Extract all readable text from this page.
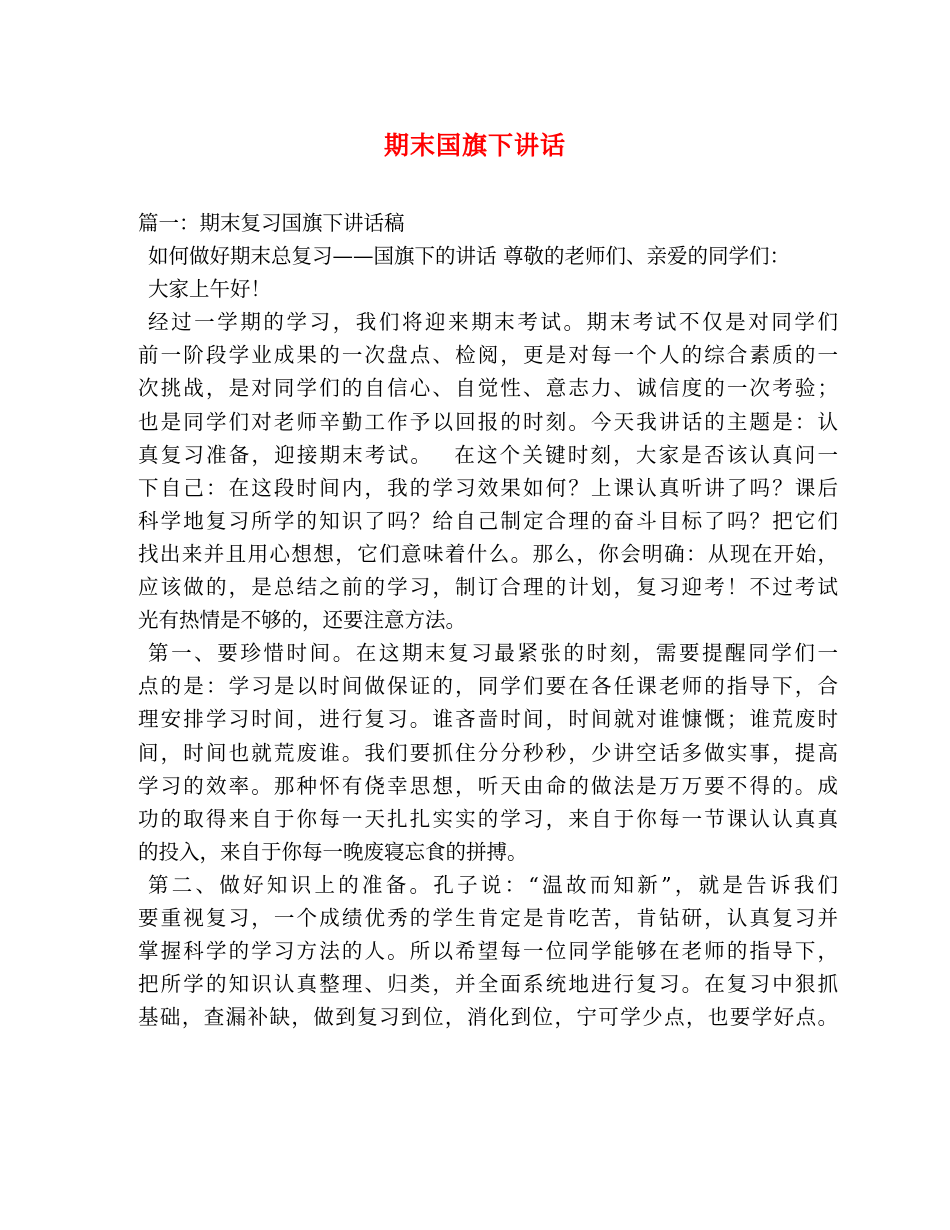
期末国旗下讲话
篇一：期末复习国旗下讲话稿
如何做好期末总复习——国旗下的讲话 尊敬的老师们、亲爱的同学们：
大家上午好！
经过一学期的学习，我们将迎来期末考试。期末考试不仅是对同学们
前一阶段学业成果的一次盘点、检阅，更是对每一个人的综合素质的一
次挑战，是对同学们的自信心、自觉性、意志力、诚信度的一次考验；
也是同学们对老师辛勤工作予以回报的时刻。今天我讲话的主题是：认
真复习准备，迎接期末考试。　 在这个关键时刻，大家是否该认真问一
下自己：在这段时间内，我的学习效果如何？上课认真听讲了吗？课后
科学地复习所学的知识了吗？给自己制定合理的奋斗目标了吗？把它们
找出来并且用心想想，它们意味着什么。那么，你会明确：从现在开始，
应该做的，是总结之前的学习，制订合理的计划，复习迎考！不过考试
光有热情是不够的，还要注意方法。
第一、要珍惜时间。在这期末复习最紧张的时刻，需要提醒同学们一
点的是：学习是以时间做保证的，同学们要在各任课老师的指导下，合
理安排学习时间，进行复习。谁吝啬时间，时间就对谁慷慨；谁荒废时
间，时间也就荒废谁。我们要抓住分分秒秒，少讲空话多做实事，提高
学习的效率。那种怀有侥幸思想，听天由命的做法是万万要不得的。成
功的取得来自于你每一天扎扎实实的学习，来自于你每一节课认认真真
的投入，来自于你每一晚废寝忘食的拼搏。
第二、做好知识上的准备。孔子说：“温故而知新”，就是告诉我们
要重视复习，一个成绩优秀的学生肯定是肯吃苦，肯钻研，认真复习并
掌握科学的学习方法的人。所以希望每一位同学能够在老师的指导下，
把所学的知识认真整理、归类，并全面系统地进行复习。在复习中狠抓
基础，查漏补缺，做到复习到位，消化到位，宁可学少点，也要学好点。
